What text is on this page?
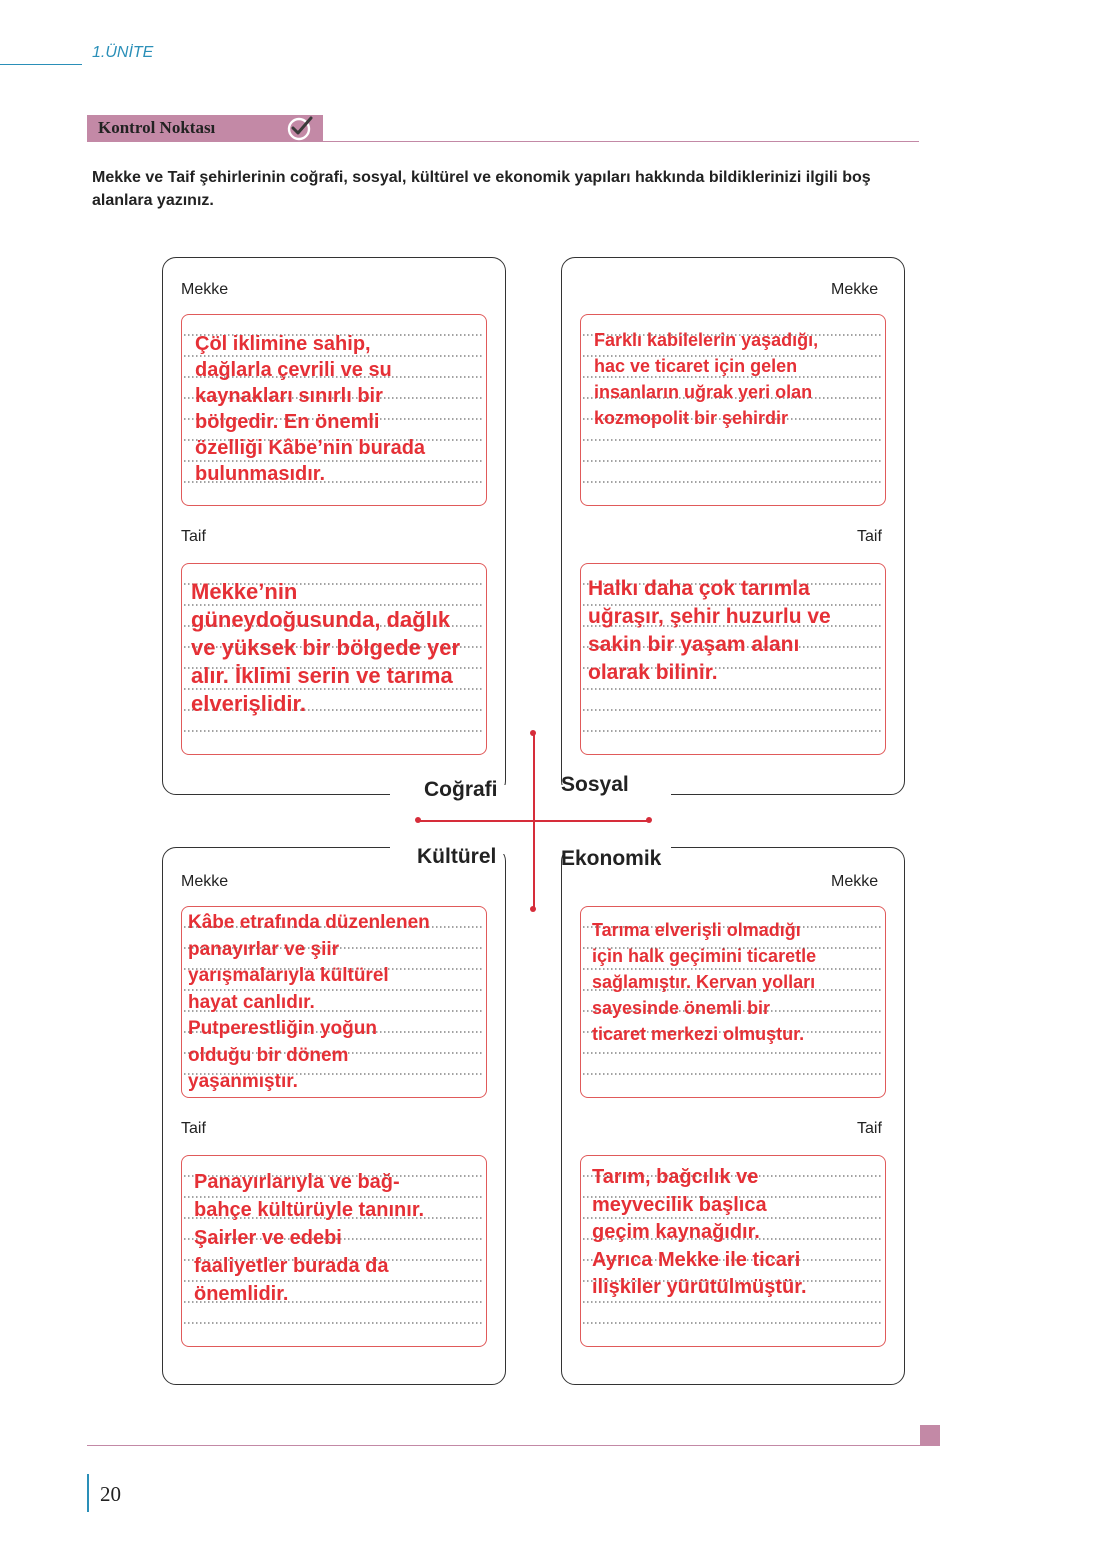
1.ÜNİTE
Kontrol Noktası
Mekke ve Taif şehirlerinin coğrafi, sosyal, kültürel ve ekonomik yapıları hakkında bildiklerinizi ilgili boş alanlara yazınız.
Coğrafi	Sosyal
Kültürel	Ekonomik
Mekke
Taif
Mekke
Taif
Mekke
Taif
Mekke
Taif
Çöl iklimine sahip,
dağlarla çevrili ve su
kaynakları sınırlı bir
bölgedir. En önemli
özelliği Kâbe’nin burada
bulunmasıdır.
Mekke’nin
güneydoğusunda, dağlık
ve yüksek bir bölgede yer
alır. İklimi serin ve tarıma
elverişlidir.
Farklı kabilelerin yaşadığı,
hac ve ticaret için gelen
insanların uğrak yeri olan
kozmopolit bir şehirdir
Halkı daha çok tarımla
uğraşır, şehir huzurlu ve
sakin bir yaşam alanı
olarak bilinir.
Kâbe etrafında düzenlenen
panayırlar ve şiir
yarışmalarıyla kültürel
hayat canlıdır.
Putperestliğin yoğun
olduğu bir dönem
yaşanmıştır.
Panayırlarıyla ve bağ-
bahçe kültürüyle tanınır.
Şairler ve edebi
faaliyetler burada da
önemlidir.
Tarıma elverişli olmadığı
için halk geçimini ticaretle
sağlamıştır. Kervan yolları
sayesinde önemli bir
ticaret merkezi olmuştur.
Tarım, bağcılık ve
meyvecilik başlıca
geçim kaynağıdır.
Ayrıca Mekke ile ticari
ilişkiler yürütülmüştür.
20
